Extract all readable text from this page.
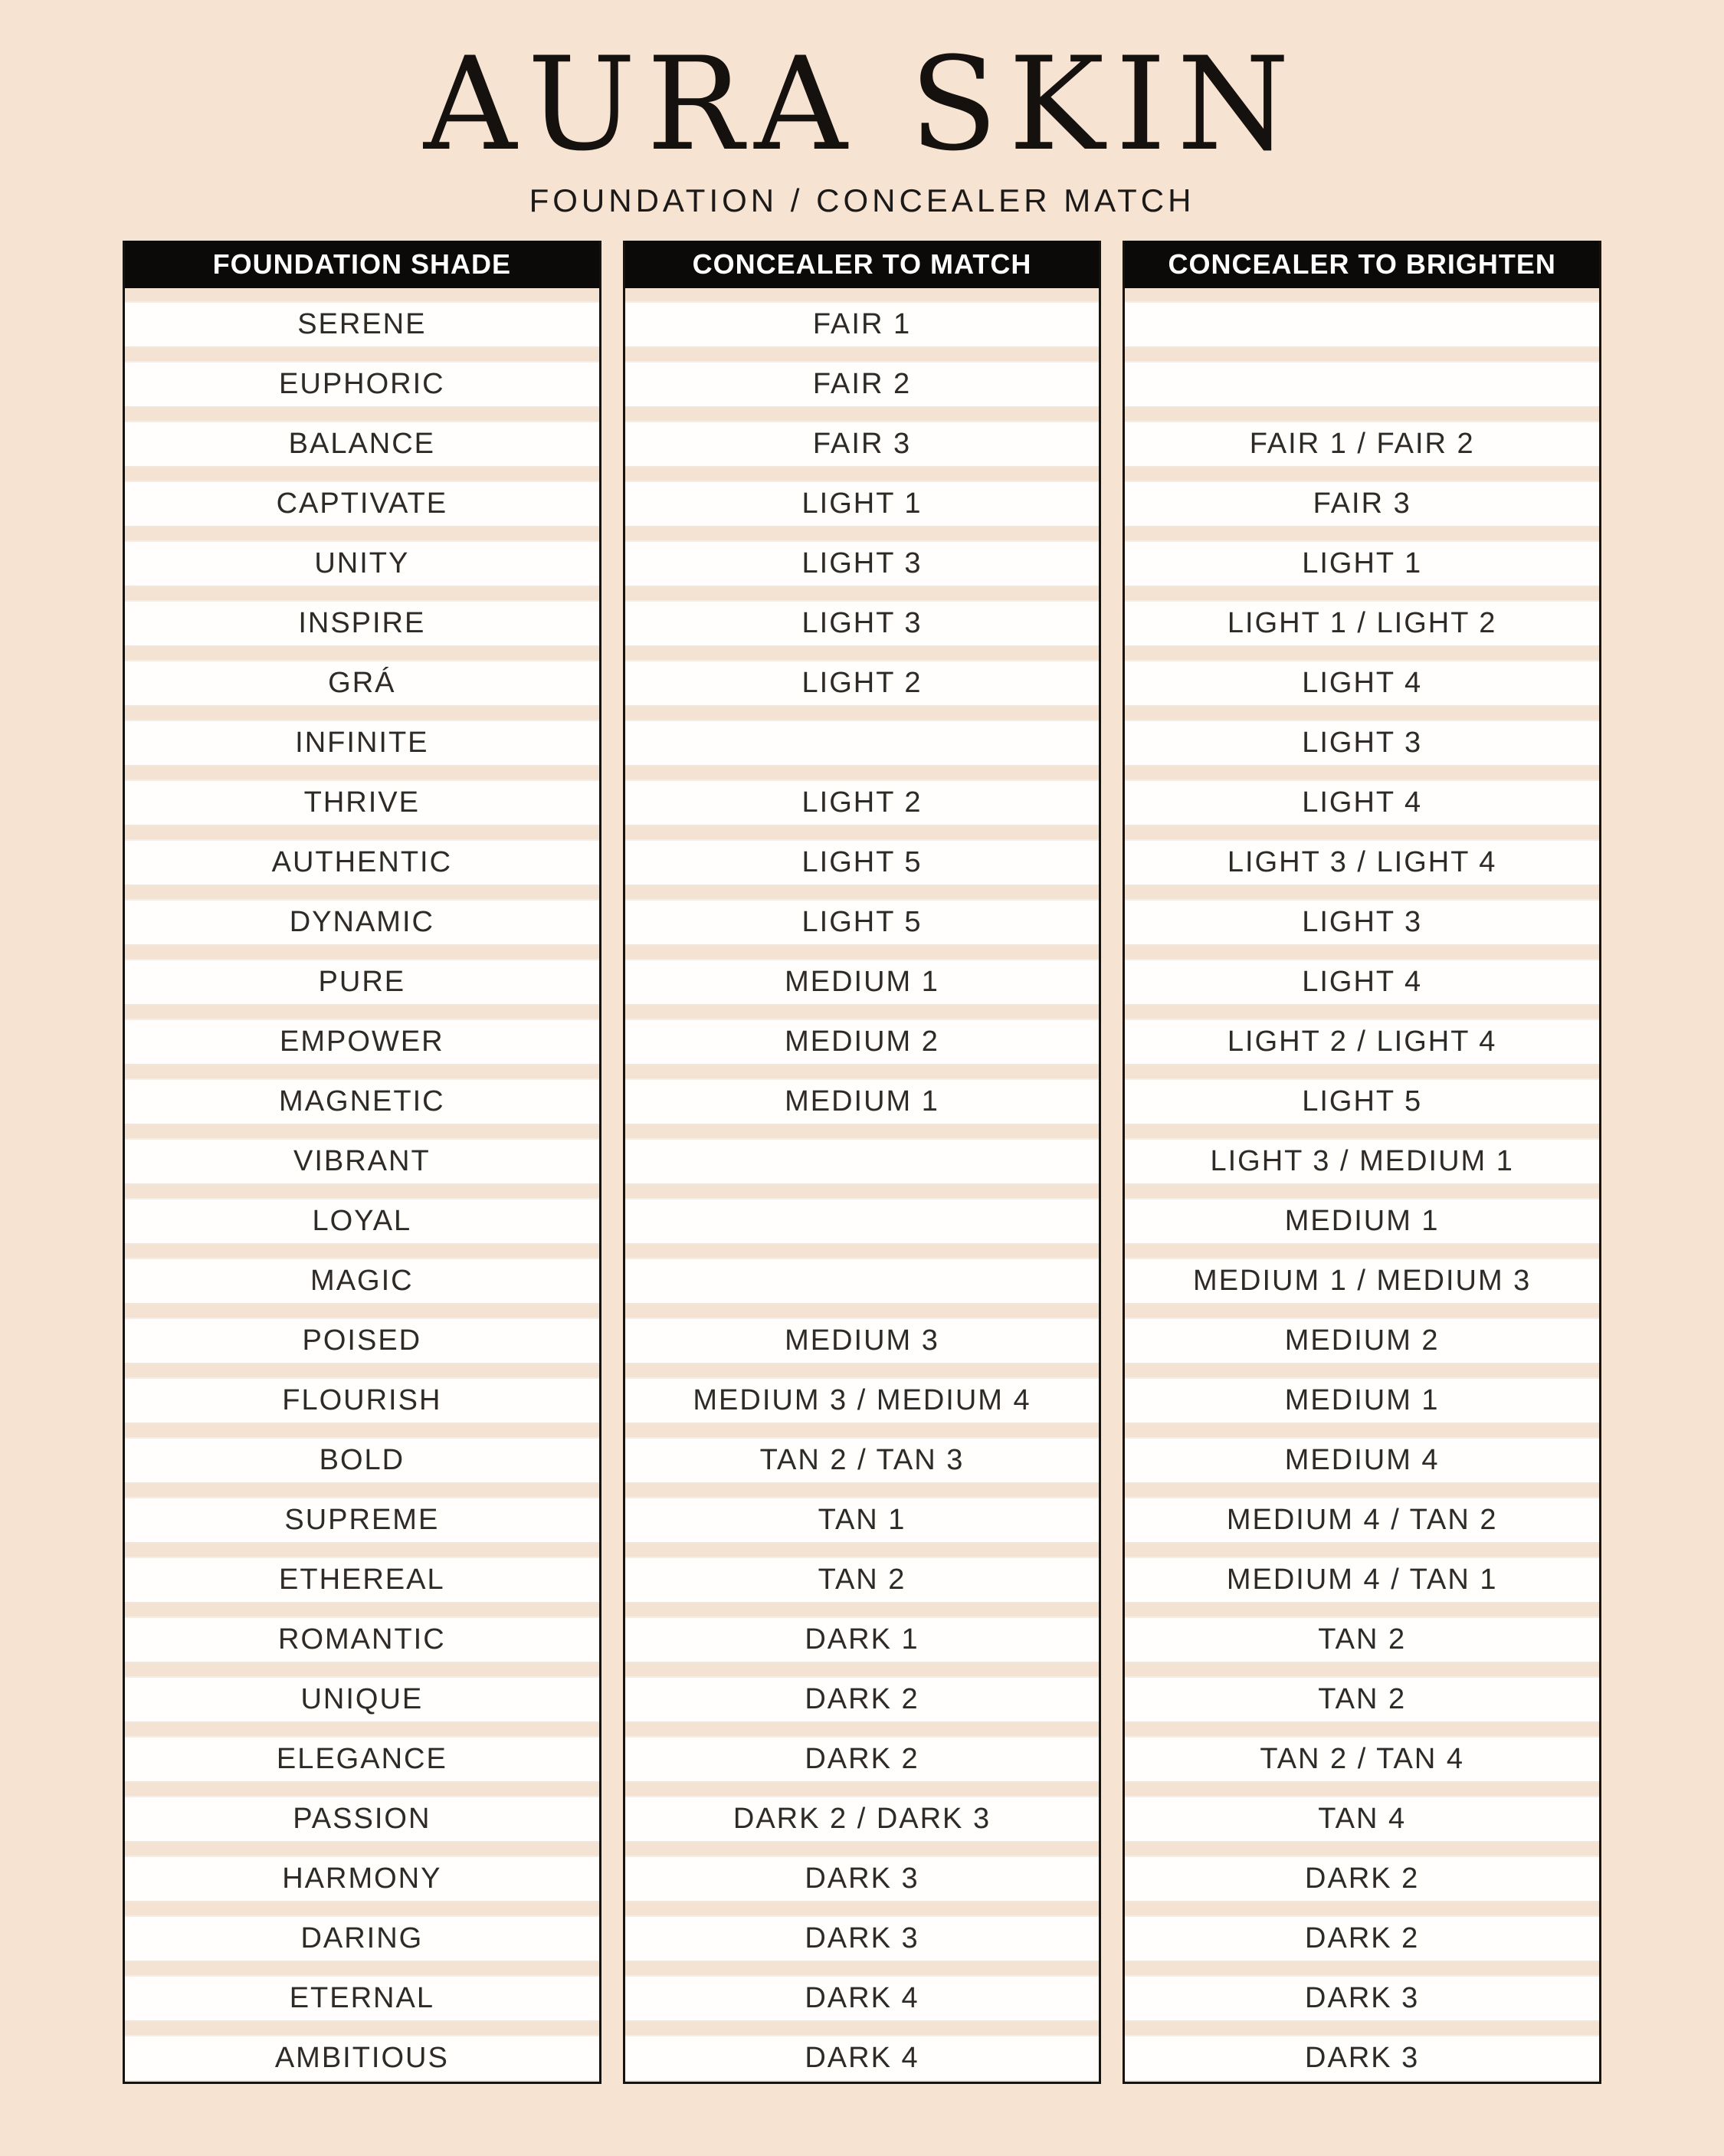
AURA SKIN
FOUNDATION / CONCEALER MATCH
FOUNDATION SHADE
SERENE
EUPHORIC
BALANCE
CAPTIVATE
UNITY
INSPIRE
GRÁ
INFINITE
THRIVE
AUTHENTIC
DYNAMIC
PURE
EMPOWER
MAGNETIC
VIBRANT
LOYAL
MAGIC
POISED
FLOURISH
BOLD
SUPREME
ETHEREAL
ROMANTIC
UNIQUE
ELEGANCE
PASSION
HARMONY
DARING
ETERNAL
AMBITIOUS
CONCEALER TO MATCH
FAIR 1
FAIR 2
FAIR 3
LIGHT 1
LIGHT 3
LIGHT 3
LIGHT 2
LIGHT 2
LIGHT 5
LIGHT 5
MEDIUM 1
MEDIUM 2
MEDIUM 1
MEDIUM 3
MEDIUM 3 / MEDIUM 4
TAN 2 / TAN 3
TAN 1
TAN 2
DARK 1
DARK 2
DARK 2
DARK 2 / DARK 3
DARK 3
DARK 3
DARK 4
DARK 4
CONCEALER TO BRIGHTEN
FAIR 1 / FAIR 2
FAIR 3
LIGHT 1
LIGHT 1 / LIGHT 2
LIGHT 4
LIGHT 3
LIGHT 4
LIGHT 3 / LIGHT 4
LIGHT 3
LIGHT 4
LIGHT 2 / LIGHT 4
LIGHT 5
LIGHT 3 / MEDIUM 1
MEDIUM 1
MEDIUM 1 / MEDIUM 3
MEDIUM 2
MEDIUM 1
MEDIUM 4
MEDIUM 4 / TAN 2
MEDIUM 4 / TAN 1
TAN 2
TAN 2
TAN 2 / TAN 4
TAN 4
DARK 2
DARK 2
DARK 3
DARK 3
